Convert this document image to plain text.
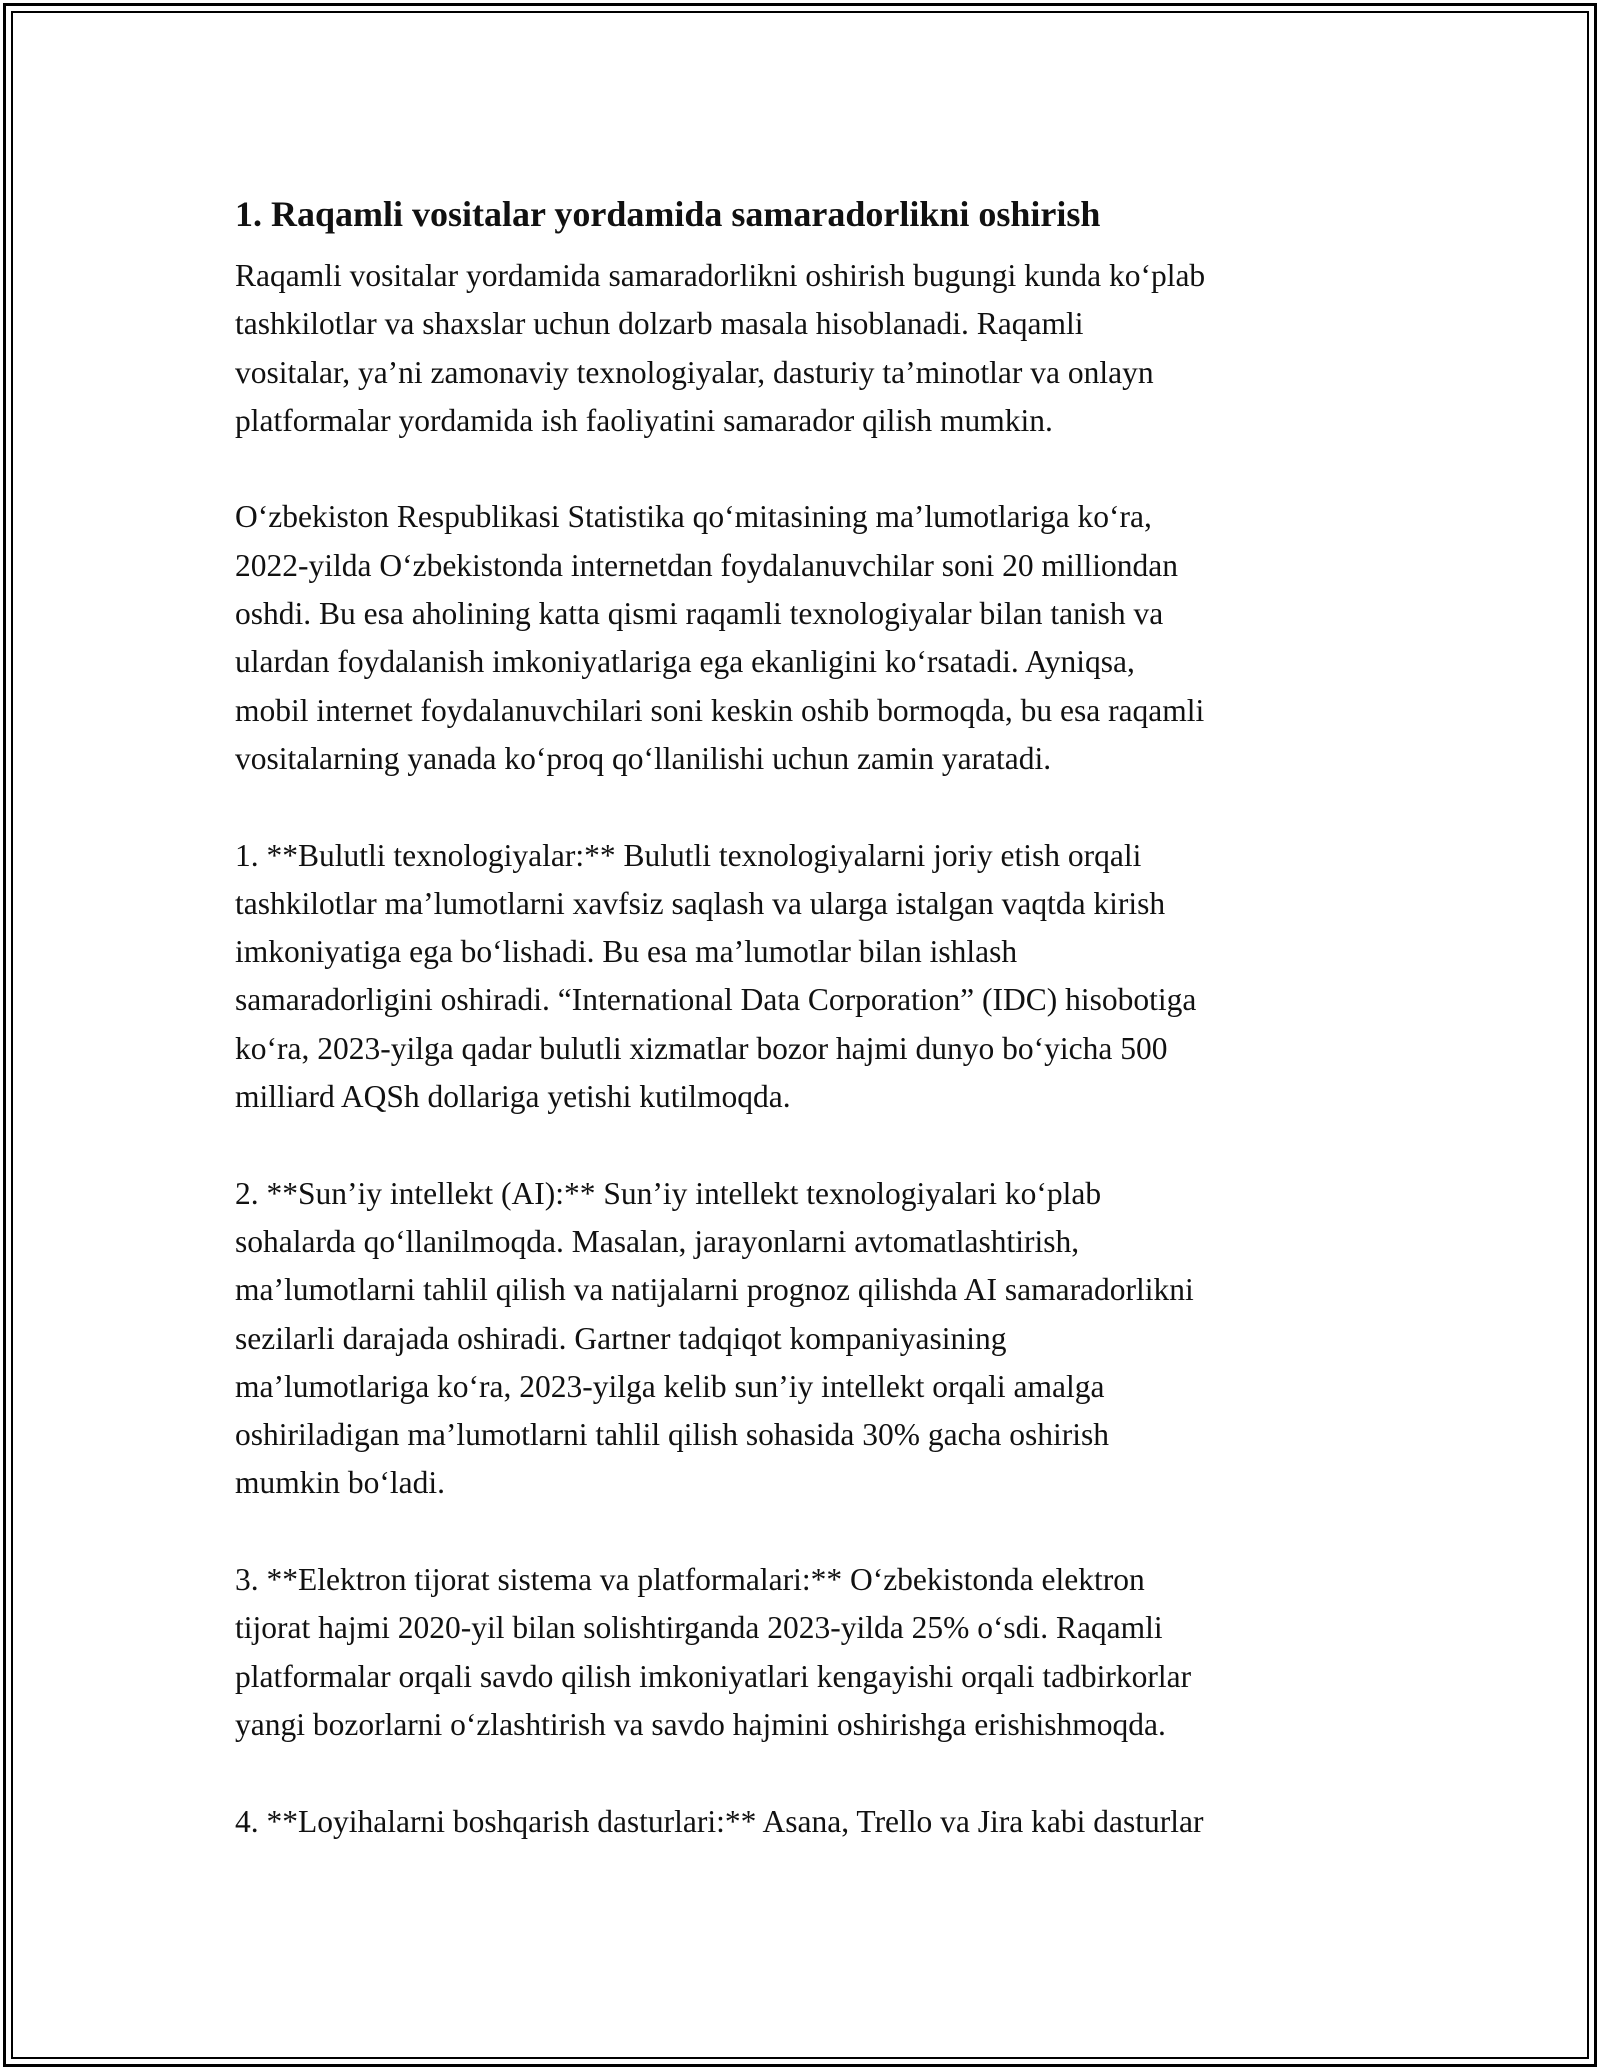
1. Raqamli vositalar yordamida samaradorlikni oshirish

Raqamli vositalar yordamida samaradorlikni oshirish bugungi kunda ko‘plab
tashkilotlar va shaxslar uchun dolzarb masala hisoblanadi. Raqamli
vositalar, ya’ni zamonaviy texnologiyalar, dasturiy ta’minotlar va onlayn
platformalar yordamida ish faoliyatini samarador qilish mumkin.

O‘zbekiston Respublikasi Statistika qo‘mitasining ma’lumotlariga ko‘ra,
2022-yilda O‘zbekistonda internetdan foydalanuvchilar soni 20 milliondan
oshdi. Bu esa aholining katta qismi raqamli texnologiyalar bilan tanish va
ulardan foydalanish imkoniyatlariga ega ekanligini ko‘rsatadi. Ayniqsa,
mobil internet foydalanuvchilari soni keskin oshib bormoqda, bu esa raqamli
vositalarning yanada ko‘proq qo‘llanilishi uchun zamin yaratadi.

1. **Bulutli texnologiyalar:** Bulutli texnologiyalarni joriy etish orqali
tashkilotlar ma’lumotlarni xavfsiz saqlash va ularga istalgan vaqtda kirish
imkoniyatiga ega bo‘lishadi. Bu esa ma’lumotlar bilan ishlash
samaradorligini oshiradi. “International Data Corporation” (IDC) hisobotiga
ko‘ra, 2023-yilga qadar bulutli xizmatlar bozor hajmi dunyo bo‘yicha 500
milliard AQSh dollariga yetishi kutilmoqda.

2. **Sun’iy intellekt (AI):** Sun’iy intellekt texnologiyalari ko‘plab
sohalarda qo‘llanilmoqda. Masalan, jarayonlarni avtomatlashtirish,
ma’lumotlarni tahlil qilish va natijalarni prognoz qilishda AI samaradorlikni
sezilarli darajada oshiradi. Gartner tadqiqot kompaniyasining
ma’lumotlariga ko‘ra, 2023-yilga kelib sun’iy intellekt orqali amalga
oshiriladigan ma’lumotlarni tahlil qilish sohasida 30% gacha oshirish
mumkin bo‘ladi.

3. **Elektron tijorat sistema va platformalari:** O‘zbekistonda elektron
tijorat hajmi 2020-yil bilan solishtirganda 2023-yilda 25% o‘sdi. Raqamli
platformalar orqali savdo qilish imkoniyatlari kengayishi orqali tadbirkorlar
yangi bozorlarni o‘zlashtirish va savdo hajmini oshirishga erishishmoqda.

4. **Loyihalarni boshqarish dasturlari:** Asana, Trello va Jira kabi dasturlar
